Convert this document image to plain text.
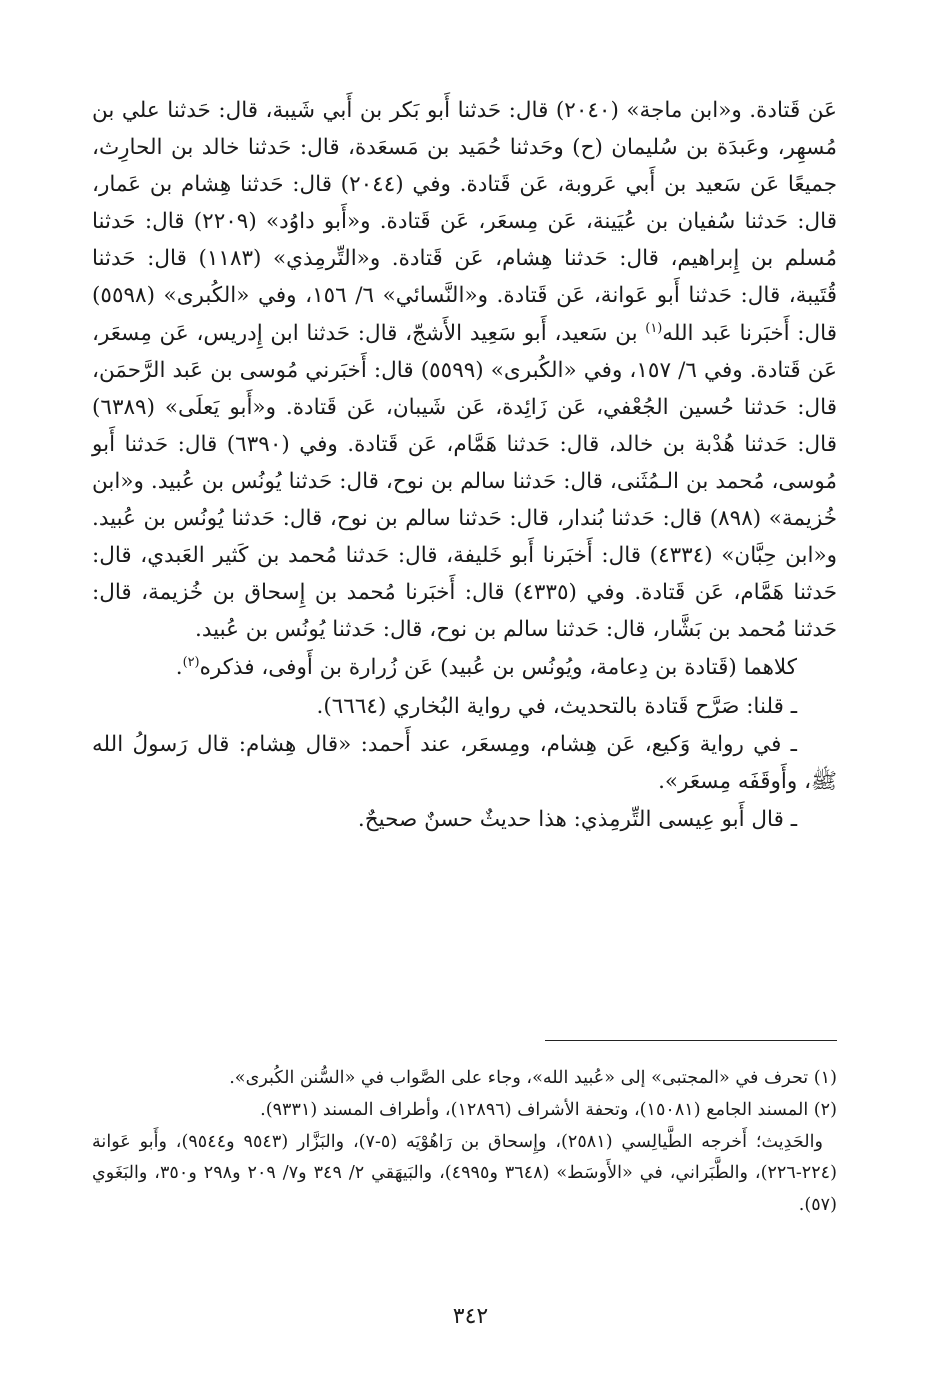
عَن قَتادة. و«ابن ماجة» (٢٠٤٠) قال: حَدثنا أَبو بَكر بن أَبي شَيبة، قال: حَدثنا علي بن مُسهِر، وعَبدَة بن سُليمان (ح) وحَدثنا حُمَيد بن مَسعَدة، قال: حَدثنا خالد بن الحارِث، جميعًا عَن سَعيد بن أَبي عَروبة، عَن قَتادة. وفي (٢٠٤٤) قال: حَدثنا هِشام بن عَمار، قال: حَدثنا سُفيان بن عُيَينة، عَن مِسعَر، عَن قَتادة. و«أَبو داوُد» (٢٢٠٩) قال: حَدثنا مُسلم بن إِبراهيم، قال: حَدثنا هِشام، عَن قَتادة. و«التِّرمِذي» (١١٨٣) قال: حَدثنا قُتَيبة، قال: حَدثنا أَبو عَوانة، عَن قَتادة. و«النَّسائي» ٦/ ١٥٦، وفي «الكُبرى» (٥٥٩٨) قال: أَخبَرنا عَبد الله$^{(١)}$ بن سَعيد، أَبو سَعِيد الأَشجّ، قال: حَدثنا ابن إِدريس، عَن مِسعَر، عَن قَتادة. وفي ٦/ ١٥٧، وفي «الكُبرى» (٥٥٩٩) قال: أَخبَرني مُوسى بن عَبد الرَّحمَن، قال: حَدثنا حُسين الجُعْفي، عَن زَائِدة، عَن شَيبان، عَن قَتادة. و«أَبو يَعلَى» (٦٣٨٩) قال: حَدثنا هُدْبة بن خالد، قال: حَدثنا هَمَّام، عَن قَتادة. وفي (٦٣٩٠) قال: حَدثنا أَبو مُوسى، مُحمد بن الـمُثَنى، قال: حَدثنا سالم بن نوح، قال: حَدثنا يُونُس بن عُبيد. و«ابن خُزيمة» (٨٩٨) قال: حَدثنا بُندار، قال: حَدثنا سالم بن نوح، قال: حَدثنا يُونُس بن عُبيد. و«ابن حِبَّان» (٤٣٣٤) قال: أَخبَرنا أَبو خَليفة، قال: حَدثنا مُحمد بن كَثير العَبدي، قال: حَدثنا هَمَّام، عَن قَتادة. وفي (٤٣٣٥) قال: أَخبَرنا مُحمد بن إِسحاق بن خُزيمة، قال: حَدثنا مُحمد بن بَشَّار، قال: حَدثنا سالم بن نوح، قال: حَدثنا يُونُس بن عُبيد.

كلاهما (قَتادة بن دِعامة، ويُونُس بن عُبيد) عَن زُرارة بن أَوفى، فذكره$^{(٢)}$.

ـ قلنا: صَرَّح قَتادة بالتحديث، في رواية البُخاري (٦٦٦٤).

ـ في رواية وَكيع، عَن هِشام، ومِسعَر، عند أَحمد: «قال هِشام: قال رَسولُ الله ﷺ، وأَوقَفَه مِسعَر».

ـ قال أَبو عِيسى التِّرمِذي: هذا حديثٌ حسنٌ صحيحٌ.

(١) تحرف في «المجتبى» إلى «عُبيد الله»، وجاء على الصَّواب في «السُّنن الكُبرى».

(٢) المسند الجامع (١٥٠٨١)، وتحفة الأشراف (١٢٨٩٦)، وأطراف المسند (٩٣٣١).

والحَدِيث؛ أَخرجه الطَّيالِسي (٢٥٨١)، وإِسحاق بن رَاهُوْيَه (٥-٧)، والبَزَّار (٩٥٤٣ و٩٥٤٤)، وأَبو عَوانة (٢٢٤-٢٢٦)، والطَّبَراني، في «الأَوسَط» (٣٦٤٨ و٤٩٩٥)، والبَيهَقي ٢/ ٣٤٩ و٧/ ٢٠٩ و٢٩٨ و٣٥٠، والبَغَوي (٥٧).

٣٤٢
